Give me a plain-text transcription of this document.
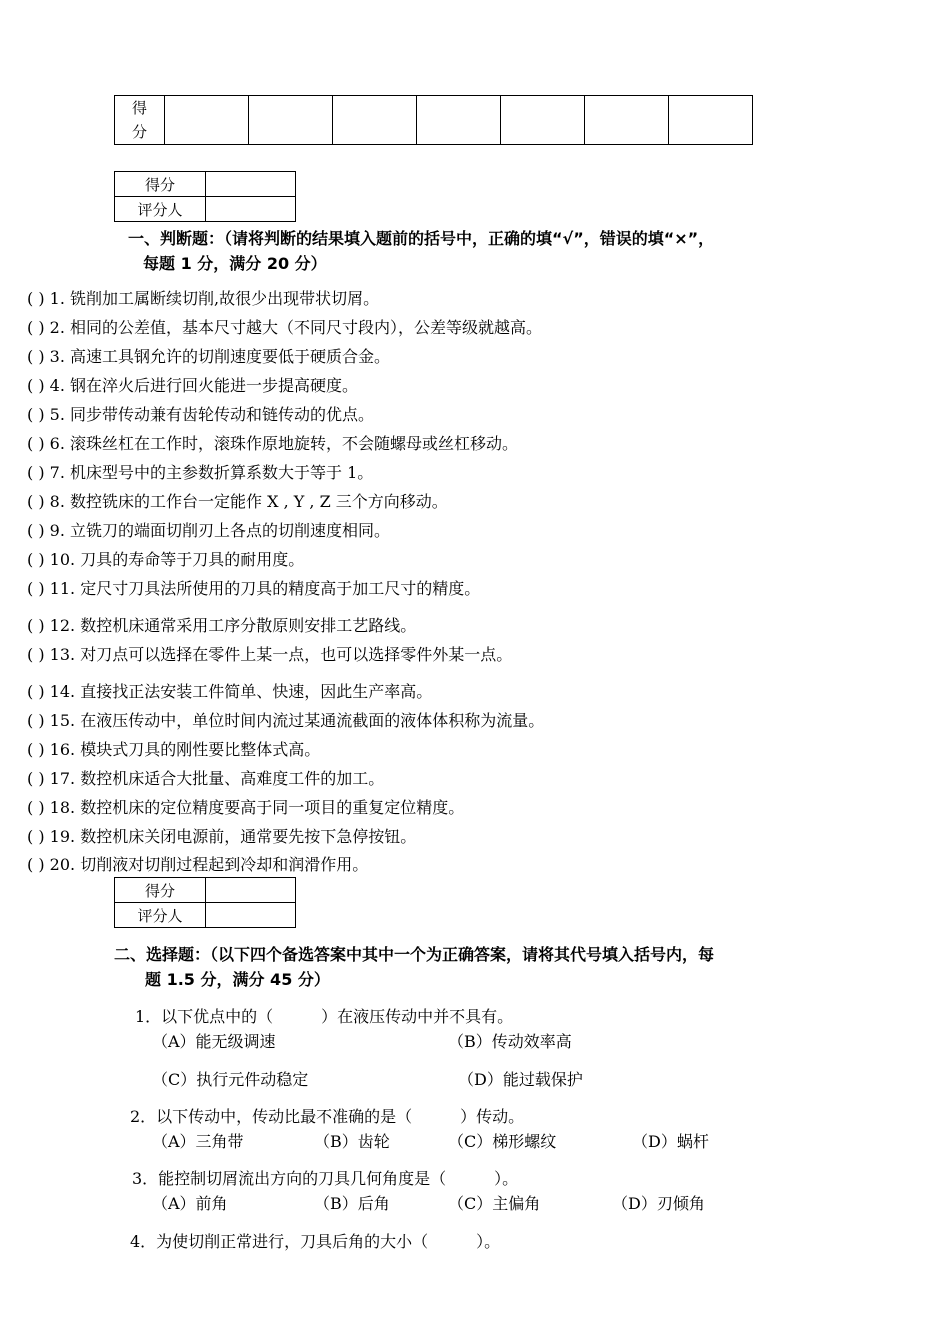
得
分

得分	
评分人	
一、判断题：（请将判断的结果填入题前的括号中，正确的填“√”，错误的填“×”，
每题 1 分，满分 20 分）
( ) 1. 铣削加工属断续切削,故很少出现带状切屑。
( ) 2. 相同的公差值，基本尺寸越大（不同尺寸段内），公差等级就越高。
( ) 3. 高速工具钢允许的切削速度要低于硬质合金。
( ) 4. 钢在淬火后进行回火能进一步提高硬度。
( ) 5. 同步带传动兼有齿轮传动和链传动的优点。
( ) 6. 滚珠丝杠在工作时，滚珠作原地旋转，不会随螺母或丝杠移动。
( ) 7. 机床型号中的主参数折算系数大于等于 1。
( ) 8. 数控铣床的工作台一定能作 X , Y , Z 三个方向移动。
( ) 9. 立铣刀的端面切削刃上各点的切削速度相同。
( ) 10. 刀具的寿命等于刀具的耐用度。
( ) 11. 定尺寸刀具法所使用的刀具的精度高于加工尺寸的精度。
( ) 12. 数控机床通常采用工序分散原则安排工艺路线。
( ) 13. 对刀点可以选择在零件上某一点，也可以选择零件外某一点。
( ) 14. 直接找正法安装工件简单、快速，因此生产率高。
( ) 15. 在液压传动中，单位时间内流过某通流截面的液体体积称为流量。
( ) 16. 模块式刀具的刚性要比整体式高。
( ) 17. 数控机床适合大批量、高难度工件的加工。
( ) 18. 数控机床的定位精度要高于同一项目的重复定位精度。
( ) 19. 数控机床关闭电源前，通常要先按下急停按钮。
( ) 20. 切削液对切削过程起到冷却和润滑作用。
得分	
评分人	
二、选择题：（以下四个备选答案中其中一个为正确答案，请将其代号填入括号内，每
题 1.5 分，满分 45 分）
1．以下优点中的（　　　）在液压传动中并不具有。
（A）能无级调速	（B）传动效率高
（C）执行元件动稳定	（D）能过载保护
2．以下传动中，传动比最不准确的是（　　　）传动。
（A）三角带	（B）齿轮	（C）梯形螺纹	（D）蜗杆
3．能控制切屑流出方向的刀具几何角度是（　　　）。
（A）前角	（B）后角	（C）主偏角	（D）刃倾角
4．为使切削正常进行，刀具后角的大小（　　　）。
